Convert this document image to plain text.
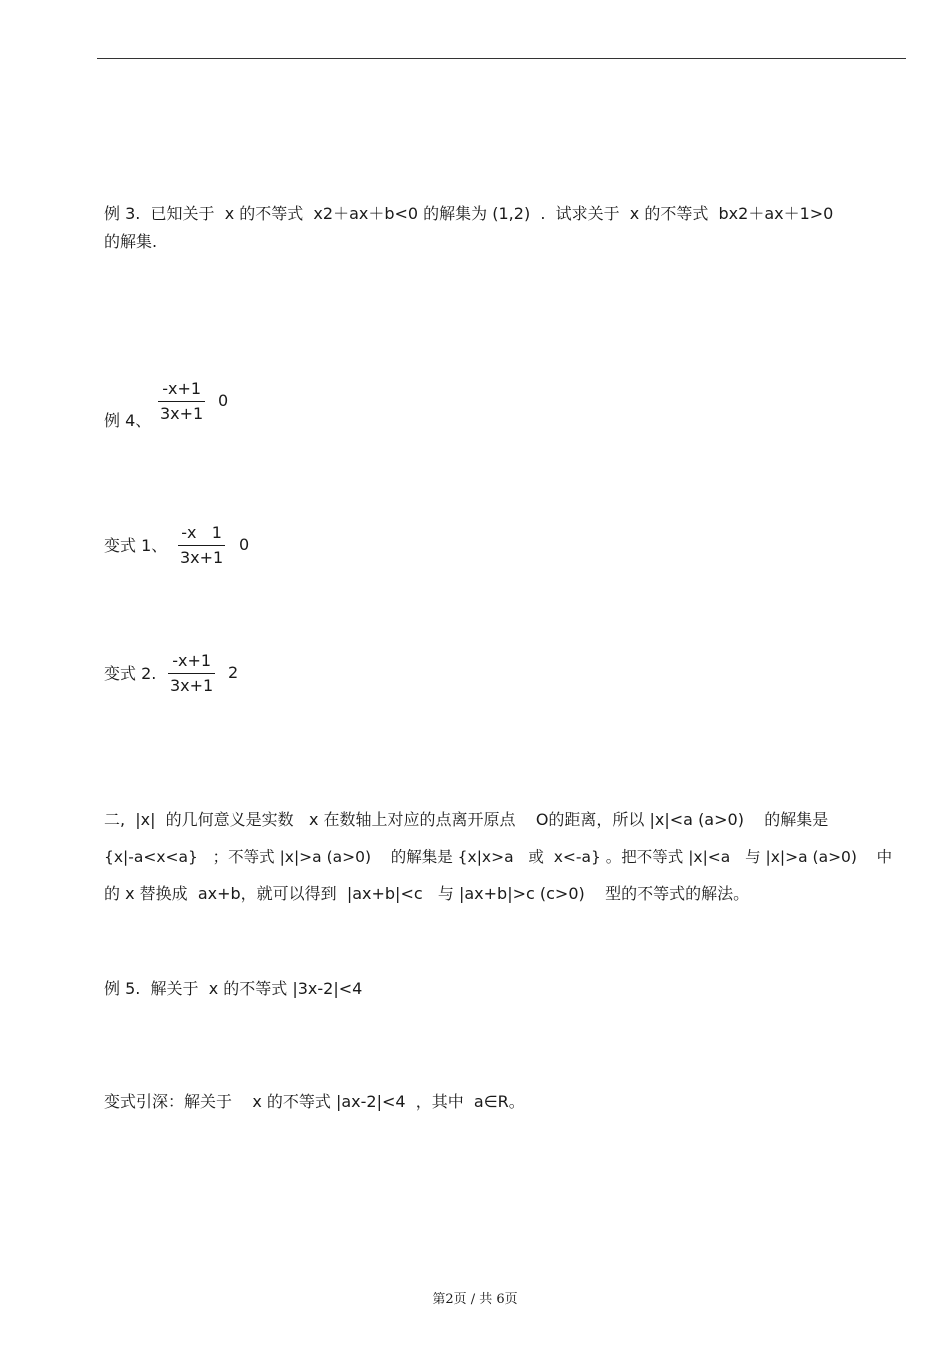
例 3.  已知关于  x 的不等式  x2＋ax＋b<0 的解集为 (1,2)  .  试求关于  x 的不等式  bx2＋ax＋1>0
的解集.
例 4、
-x+1
3x+1
0
变式 1、
-x   1
3x+1
0
变式 2.
-x+1
3x+1
2
二,  |x|  的几何意义是实数   x 在数轴上对应的点离开原点    O的距离，所以 |x|<a (a>0)    的解集是
{x|-a<x<a}   ；不等式 |x|>a (a>0)    的解集是 {x|x>a   或  x<-a} 。把不等式 |x|<a   与 |x|>a (a>0)    中
的 x 替换成  ax+b，就可以得到  |ax+b|<c   与 |ax+b|>c (c>0)    型的不等式的解法。
例 5.  解关于  x 的不等式 |3x-2|<4
变式引深：解关于    x 的不等式 |ax-2|<4  ，其中  a∈R。
第2页 / 共 6页
